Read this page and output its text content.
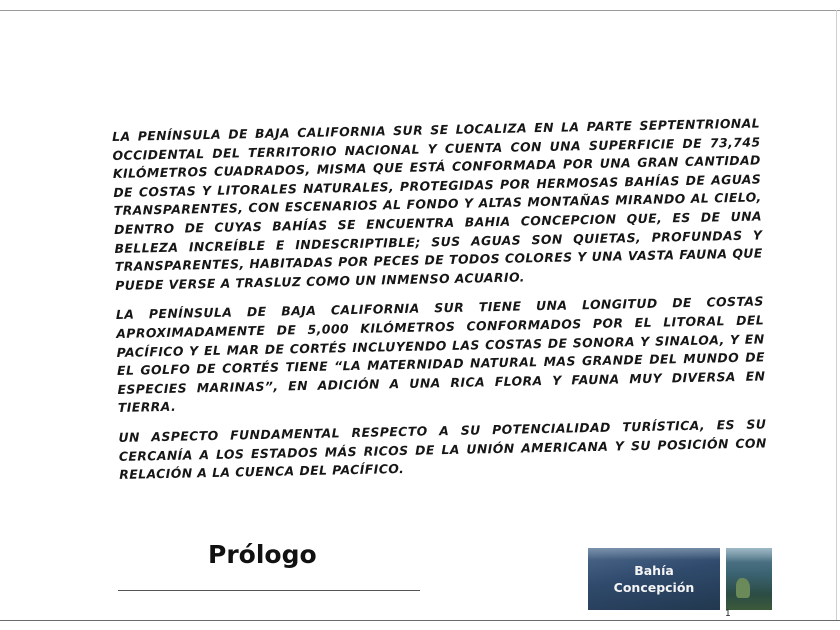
LA PENÍNSULA DE BAJA CALIFORNIA SUR SE LOCALIZA EN LA PARTE SEPTENTRIONAL OCCIDENTAL DEL TERRITORIO NACIONAL Y CUENTA CON UNA SUPERFICIE DE 73,745 KILÓMETROS CUADRADOS, MISMA QUE ESTÁ CONFORMADA POR UNA GRAN CANTIDAD DE COSTAS Y LITORALES NATURALES, PROTEGIDAS POR HERMOSAS BAHÍAS DE AGUAS TRANSPARENTES, CON ESCENARIOS AL FONDO Y ALTAS MONTAÑAS MIRANDO AL CIELO, DENTRO DE CUYAS BAHÍAS SE ENCUENTRA BAHIA CONCEPCION QUE, ES DE UNA BELLEZA INCREÍBLE E INDESCRIPTIBLE; SUS AGUAS SON QUIETAS, PROFUNDAS Y TRANSPARENTES, HABITADAS POR PECES DE TODOS COLORES Y UNA VASTA FAUNA QUE PUEDE VERSE A TRASLUZ COMO UN INMENSO ACUARIO.

LA PENÍNSULA DE BAJA CALIFORNIA SUR TIENE UNA LONGITUD DE COSTAS APROXIMADAMENTE DE 5,000 KILÓMETROS CONFORMADOS POR EL LITORAL DEL PACÍFICO Y EL MAR DE CORTÉS INCLUYENDO LAS COSTAS DE SONORA Y SINALOA, Y EN EL GOLFO DE CORTÉS TIENE “LA MATERNIDAD NATURAL MAS GRANDE DEL MUNDO DE ESPECIES MARINAS”, EN ADICIÓN A UNA RICA FLORA Y FAUNA MUY DIVERSA EN TIERRA.

UN ASPECTO FUNDAMENTAL RESPECTO A SU POTENCIALIDAD TURÍSTICA, ES SU CERCANÍA A LOS ESTADOS MÁS RICOS DE LA UNIÓN AMERICANA Y SU POSICIÓN CON RELACIÓN A LA CUENCA DEL PACÍFICO.

Prólogo
Bahía
Concepción
1
